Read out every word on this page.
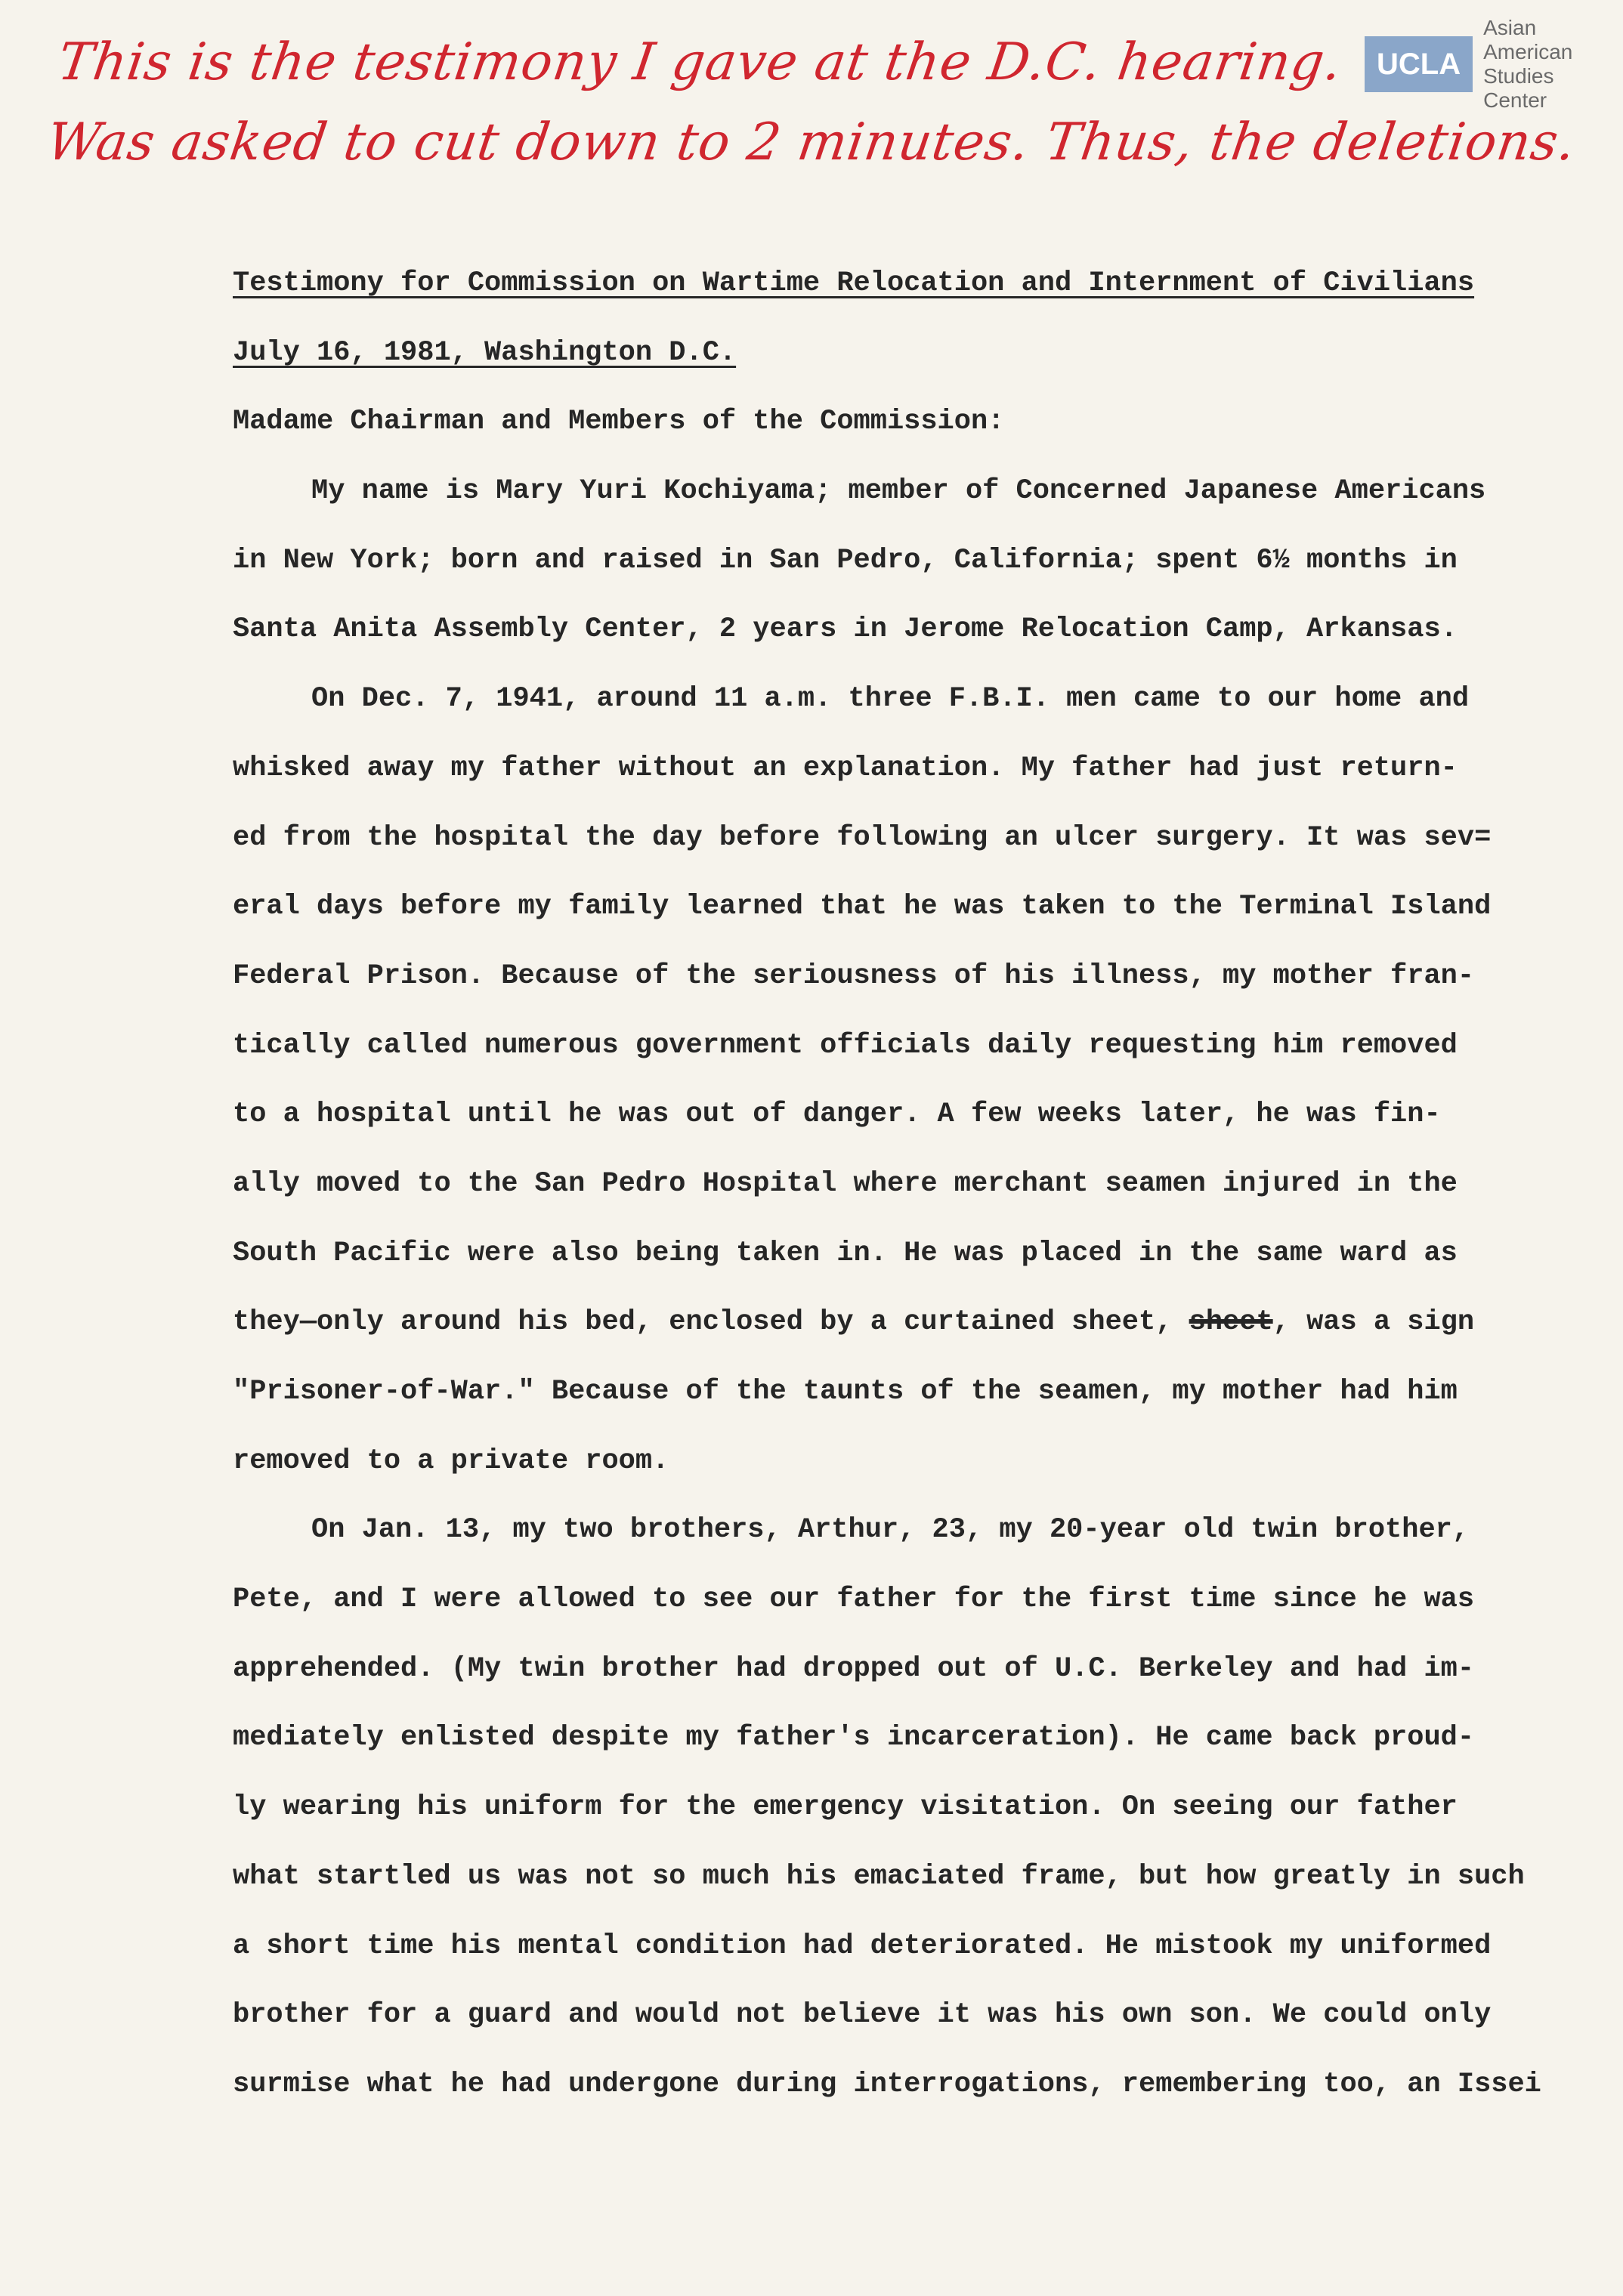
This is the testimony I gave at the D.C. hearing.
Was asked to cut down to 2 minutes. Thus, the deletions.
UCLA
Asian American
Studies Center
Testimony for Commission on Wartime Relocation and Internment of Civilians
July 16, 1981, Washington D.C.
Madame Chairman and Members of the Commission:
My name is Mary Yuri Kochiyama; member of Concerned Japanese Americans
in New York; born and raised in San Pedro, California; spent 6½ months in
Santa Anita Assembly Center, 2 years in Jerome Relocation Camp, Arkansas.
On Dec. 7, 1941, around 11 a.m. three F.B.I. men came to our home and
whisked away my father without an explanation. My father had just return-
ed from the hospital the day before following an ulcer surgery. It was sev=
eral days before my family learned that he was taken to the Terminal Island
Federal Prison. Because of the seriousness of his illness, my mother fran-
tically called numerous government officials daily requesting him removed
to a hospital until he was out of danger. A few weeks later, he was fin-
ally moved to the San Pedro Hospital where merchant seamen injured in the
South Pacific were also being taken in. He was placed in the same ward as
they—only around his bed, enclosed by a curtained sheet, sheet, was a sign
"Prisoner-of-War." Because of the taunts of the seamen, my mother had him
removed to a private room.
On Jan. 13, my two brothers, Arthur, 23, my 20-year old twin brother,
Pete, and I were allowed to see our father for the first time since he was
apprehended. (My twin brother had dropped out of U.C. Berkeley and had im-
mediately enlisted despite my father's incarceration). He came back proud-
ly wearing his uniform for the emergency visitation. On seeing our father
what startled us was not so much his emaciated frame, but how greatly in such
a short time his mental condition had deteriorated. He mistook my uniformed
brother for a guard and would not believe it was his own son. We could only
surmise what he had undergone during interrogations, remembering too, an Issei
